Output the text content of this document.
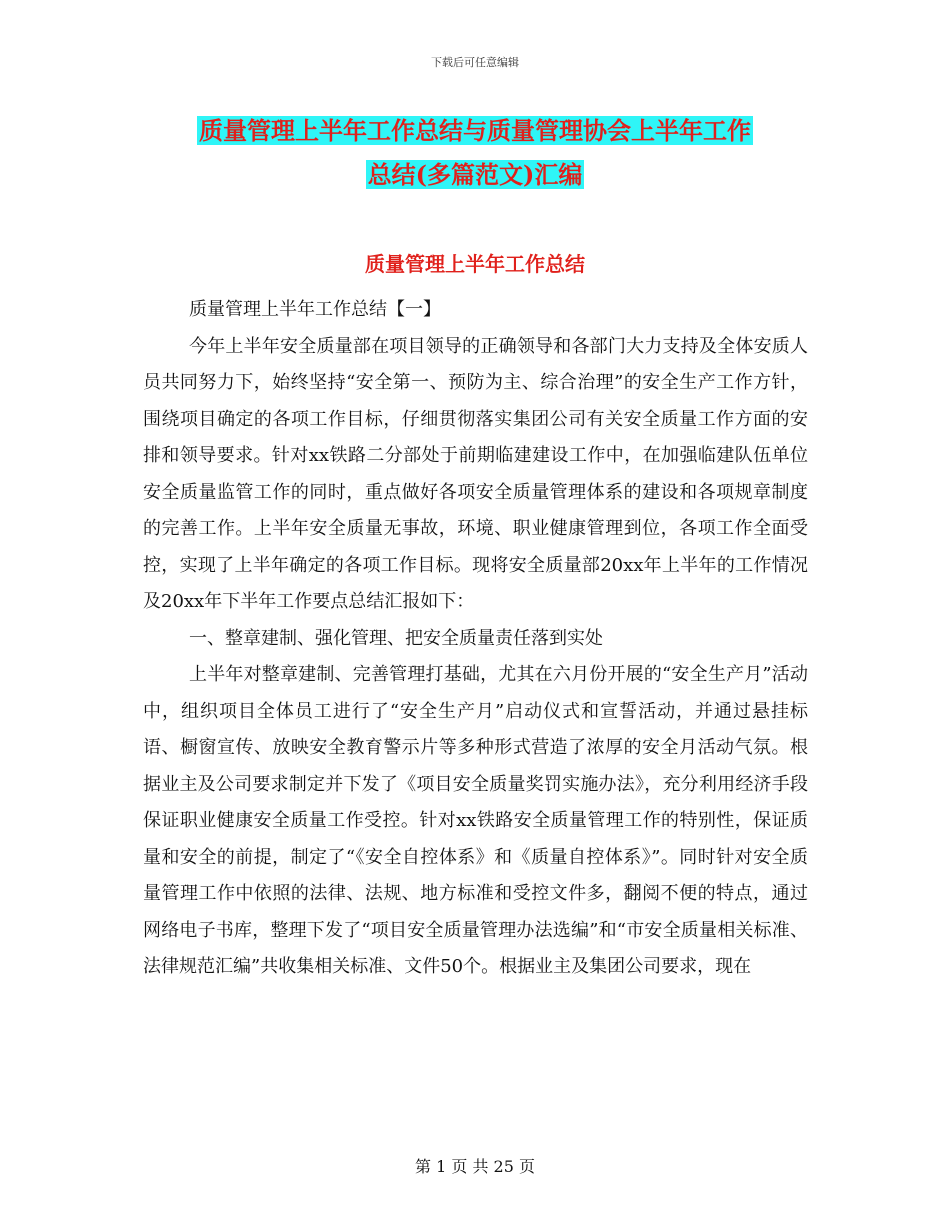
下载后可任意编辑
质量管理上半年工作总结与质量管理协会上半年工作
总结(多篇范文)汇编
质量管理上半年工作总结

质量管理上半年工作总结【一】

今年上半年安全质量部在项目领导的正确领导和各部门大力支持及全体安质人员共同努力下，始终坚持“安全第一、预防为主、综合治理”的安全生产工作方针，围绕项目确定的各项工作目标，仔细贯彻落实集团公司有关安全质量工作方面的安排和领导要求。针对xx铁路二分部处于前期临建建设工作中，在加强临建队伍单位安全质量监管工作的同时，重点做好各项安全质量管理体系的建设和各项规章制度的完善工作。上半年安全质量无事故，环境、职业健康管理到位，各项工作全面受控，实现了上半年确定的各项工作目标。现将安全质量部20xx年上半年的工作情况及20xx年下半年工作要点总结汇报如下：

一、整章建制、强化管理、把安全质量责任落到实处

上半年对整章建制、完善管理打基础，尤其在六月份开展的“安全生产月”活动中，组织项目全体员工进行了“安全生产月”启动仪式和宣誓活动，并通过悬挂标语、橱窗宣传、放映安全教育警示片等多种形式营造了浓厚的安全月活动气氛。根据业主及公司要求制定并下发了《项目安全质量奖罚实施办法》，充分利用经济手段保证职业健康安全质量工作受控。针对xx铁路安全质量管理工作的特别性，保证质量和安全的前提，制定了“《安全自控体系》和《质量自控体系》”。同时针对安全质量管理工作中依照的法律、法规、地方标准和受控文件多，翻阅不便的特点，通过网络电子书库，整理下发了“项目安全质量管理办法选编”和“市安全质量相关标准、法律规范汇编”共收集相关标准、文件50个。根据业主及集团公司要求，现在

第 1 页 共 25 页
